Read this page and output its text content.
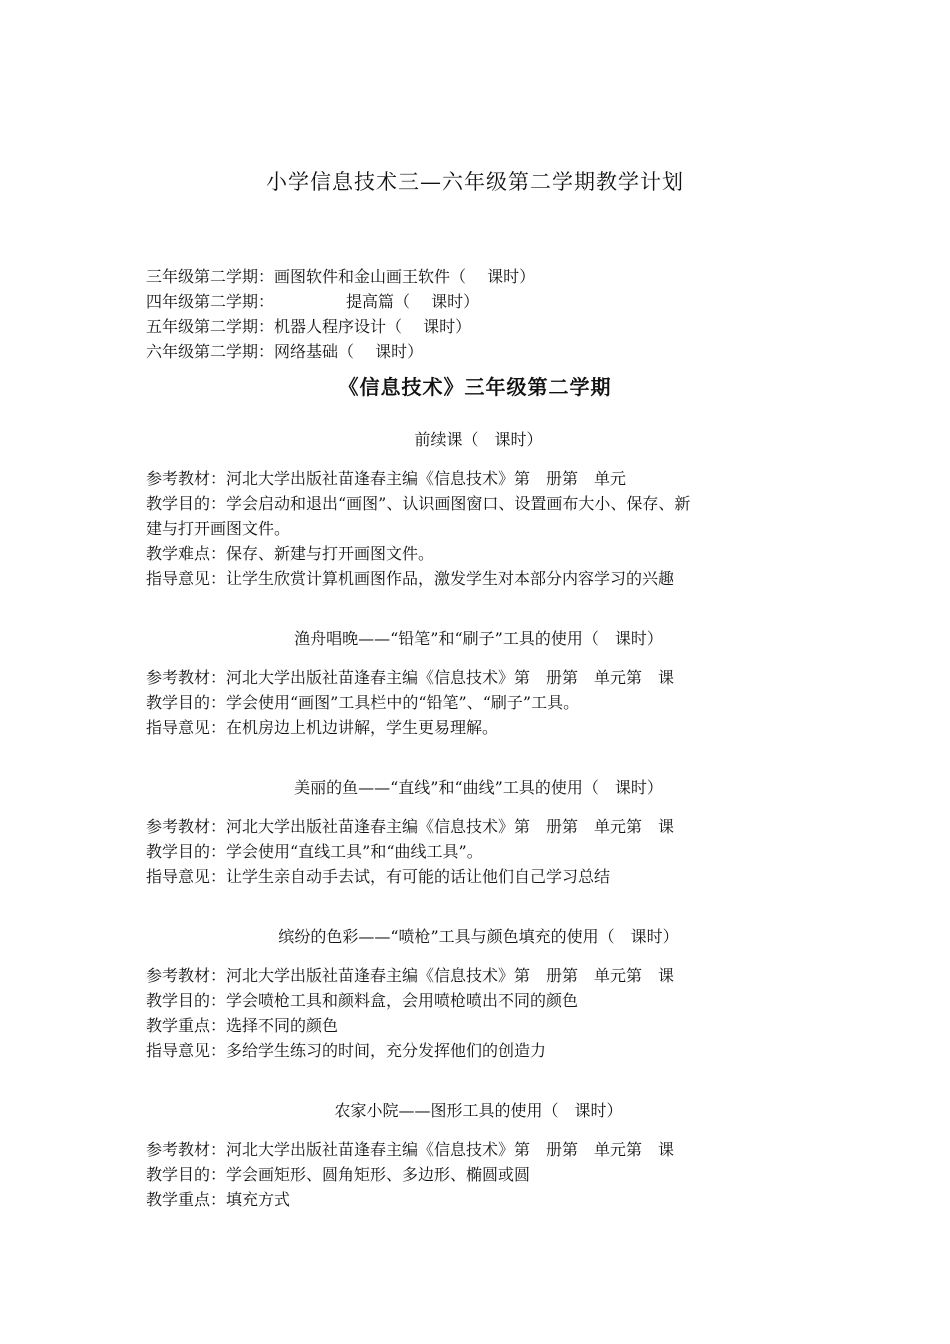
小学信息技术三—六年级第二学期教学计划

三年级第二学期：画图软件和金山画王软件（　 课时）

四年级第二学期：　　　　　提高篇（　 课时）

五年级第二学期：机器人程序设计（　 课时）

六年级第二学期：网络基础（　 课时）

《信息技术》三年级第二学期
前续课（　课时）

参考教材：河北大学出版社苗逢春主编《信息技术》第　册第　单元

教学目的：学会启动和退出“画图”、认识画图窗口、设置画布大小、保存、新

建与打开画图文件。

教学难点：保存、新建与打开画图文件。

指导意见：让学生欣赏计算机画图作品，激发学生对本部分内容学习的兴趣

渔舟唱晚——“铅笔”和“刷子”工具的使用（　课时）

参考教材：河北大学出版社苗逢春主编《信息技术》第　册第　单元第　课

教学目的：学会使用“画图”工具栏中的“铅笔”、“刷子”工具。

指导意见：在机房边上机边讲解，学生更易理解。

美丽的鱼——“直线”和“曲线”工具的使用（　课时）

参考教材：河北大学出版社苗逢春主编《信息技术》第　册第　单元第　课

教学目的：学会使用“直线工具”和“曲线工具”。

指导意见：让学生亲自动手去试，有可能的话让他们自己学习总结

缤纷的色彩——“喷枪”工具与颜色填充的使用（　课时）

参考教材：河北大学出版社苗逢春主编《信息技术》第　册第　单元第　课

教学目的：学会喷枪工具和颜料盒，会用喷枪喷出不同的颜色

教学重点：选择不同的颜色

指导意见：多给学生练习的时间，充分发挥他们的创造力

农家小院——图形工具的使用（　课时）

参考教材：河北大学出版社苗逢春主编《信息技术》第　册第　单元第　课

教学目的：学会画矩形、圆角矩形、多边形、椭圆或圆

教学重点：填充方式
